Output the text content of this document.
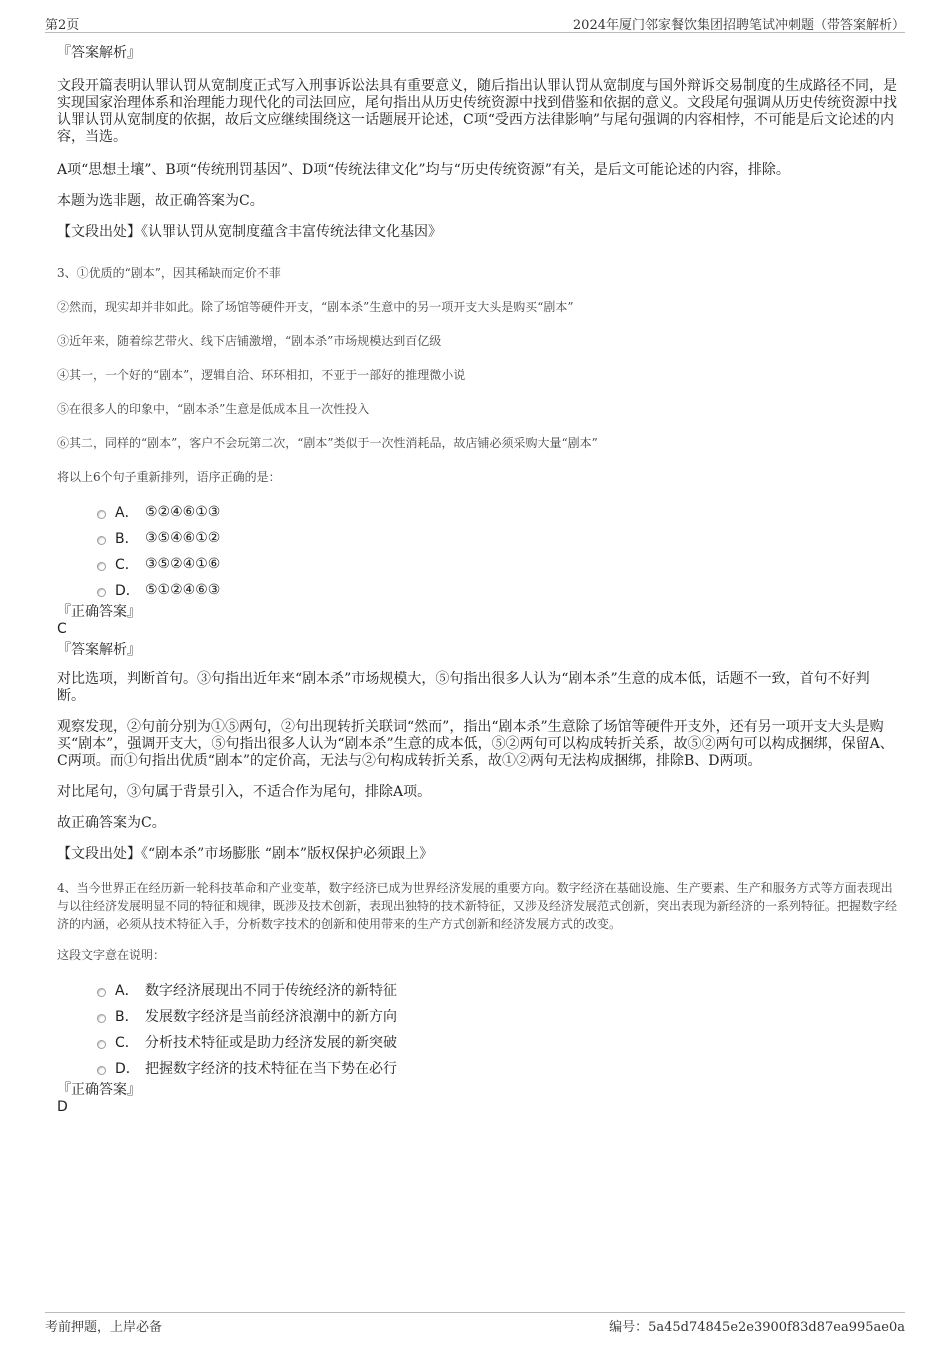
第2页	2024年厦门邻家餐饮集团招聘笔试冲刺题（带答案解析）

『答案解析』

文段开篇表明认罪认罚从宽制度正式写入刑事诉讼法具有重要意义，随后指出认罪认罚从宽制度与国外辩诉交易制度的生成路径不同，是实现国家治理体系和治理能力现代化的司法回应，尾句指出从历史传统资源中找到借鉴和依据的意义。文段尾句强调从历史传统资源中找认罪认罚从宽制度的依据，故后文应继续围绕这一话题展开论述，C项“受西方法律影响”与尾句强调的内容相悖，不可能是后文论述的内容，当选。

A项“思想土壤”、B项“传统刑罚基因”、D项“传统法律文化”均与“历史传统资源”有关，是后文可能论述的内容，排除。

本题为选非题，故正确答案为C。

【文段出处】《认罪认罚从宽制度蕴含丰富传统法律文化基因》

3、①优质的“剧本”，因其稀缺而定价不菲

②然而，现实却并非如此。除了场馆等硬件开支，“剧本杀”生意中的另一项开支大头是购买“剧本”

③近年来，随着综艺带火、线下店铺激增，“剧本杀”市场规模达到百亿级

④其一，一个好的“剧本”，逻辑自洽、环环相扣，不亚于一部好的推理微小说

⑤在很多人的印象中，“剧本杀”生意是低成本且一次性投入

⑥其二，同样的“剧本”，客户不会玩第二次，“剧本”类似于一次性消耗品，故店铺必须采购大量“剧本”

将以上6个句子重新排列，语序正确的是：

A． ⑤②④⑥①③
B． ③⑤④⑥①②
C． ③⑤②④①⑥
D． ⑤①②④⑥③

『正确答案』

C

『答案解析』

对比选项，判断首句。③句指出近年来“剧本杀”市场规模大，⑤句指出很多人认为“剧本杀”生意的成本低，话题不一致，首句不好判断。

观察发现，②句前分别为①⑤两句，②句出现转折关联词“然而”，指出“剧本杀”生意除了场馆等硬件开支外，还有另一项开支大头是购买“剧本”，强调开支大，⑤句指出很多人认为“剧本杀”生意的成本低，⑤②两句可以构成转折关系，故⑤②两句可以构成捆绑，保留A、C两项。而①句指出优质“剧本”的定价高，无法与②句构成转折关系，故①②两句无法构成捆绑，排除B、D两项。

对比尾句，③句属于背景引入，不适合作为尾句，排除A项。

故正确答案为C。

【文段出处】《“剧本杀”市场膨胀 “剧本”版权保护必须跟上》

4、当今世界正在经历新一轮科技革命和产业变革，数字经济已成为世界经济发展的重要方向。数字经济在基础设施、生产要素、生产和服务方式等方面表现出与以往经济发展明显不同的特征和规律，既涉及技术创新，表现出独特的技术新特征，又涉及经济发展范式创新，突出表现为新经济的一系列特征。把握数字经济的内涵，必须从技术特征入手，分析数字技术的创新和使用带来的生产方式创新和经济发展方式的改变。

这段文字意在说明：

A． 数字经济展现出不同于传统经济的新特征
B． 发展数字经济是当前经济浪潮中的新方向
C． 分析技术特征或是助力经济发展的新突破
D． 把握数字经济的技术特征在当下势在必行

『正确答案』

D

考前押题，上岸必备	编号：5a45d74845e2e3900f83d87ea995ae0a
